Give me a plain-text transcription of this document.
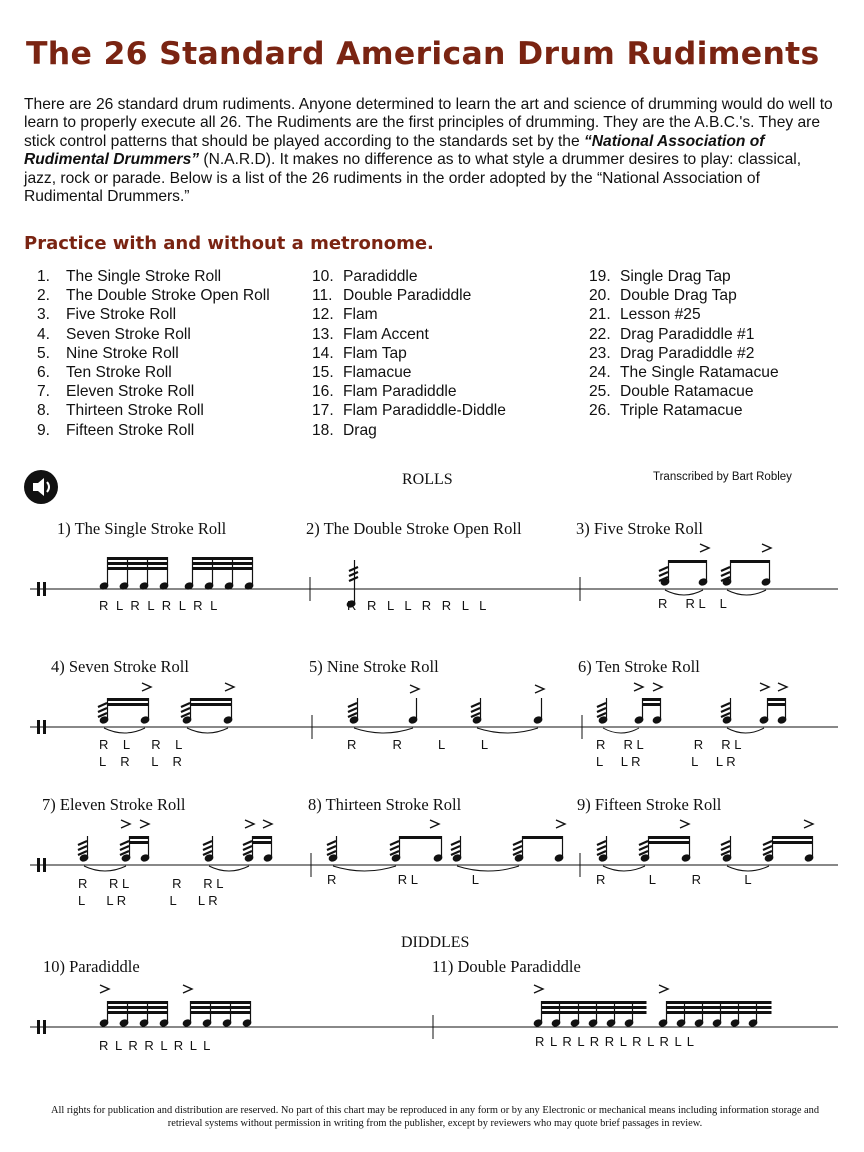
The 26 Standard American Drum Rudiments
There are 26 standard drum rudiments. Anyone determined to learn the art and science of drumming would do well to learn to properly execute all 26. The Rudiments are the first principles of drumming. They are the A.B.C.'s. They are stick control patterns that should be played according to the standards set by the “National Association of Rudimental Drummers” (N.A.R.D). It makes no difference as to what style a drummer desires to play: classical, jazz, rock or parade. Below is a list of the 26 rudiments in the order adopted by the “National Association of Rudimental Drummers.”
Practice with and without a metronome.
1. The Single Stroke Roll
2. The Double Stroke Open Roll
3. Five Stroke Roll
4. Seven Stroke Roll
5. Nine Stroke Roll
6. Ten Stroke Roll
7. Eleven Stroke Roll
8. Thirteen Stroke Roll
9. Fifteen Stroke Roll
10. Paradiddle
11. Double Paradiddle
12. Flam
13. Flam Accent
14. Flam Tap
15. Flamacue
16. Flam Paradiddle
17. Flam Paradiddle-Diddle
18. Drag
19. Single Drag Tap
20. Double Drag Tap
21. Lesson #25
22. Drag Paradiddle #1
23. Drag Paradiddle #2
24. The Single Ratamacue
25. Double Ratamacue
26. Triple Ratamacue
ROLLS	Transcribed by Bart Robley
DIDDLES
1) The Single Stroke Roll	2) The Double Stroke Open Roll	3) Five Stroke Roll
4) Seven Stroke Roll	5) Nine Stroke Roll	6) Ten Stroke Roll
7) Eleven Stroke Roll	8) Thirteen Stroke Roll	9) Fifteen Stroke Roll
10) Paradiddle	11) Double Paradiddle
R L R L R L R L	R R L L R R L L	R     R L    L
R    L      R    L
L    R      L    R
R          R          L          L	R     R L              R     R L
L     L R              L     L R
R      R L            R      R L
L      L R            L      L R
R                 R L               L	R            L          R            L
R L R R L R L L	R L R L R R L R L R L L
All rights for publication and distribution are reserved. No part of this chart may be reproduced in any form or by any Electronic or mechanical means including information storage and retrieval systems without permission in writing from the publisher, except by reviewers who may quote brief passages in review.
